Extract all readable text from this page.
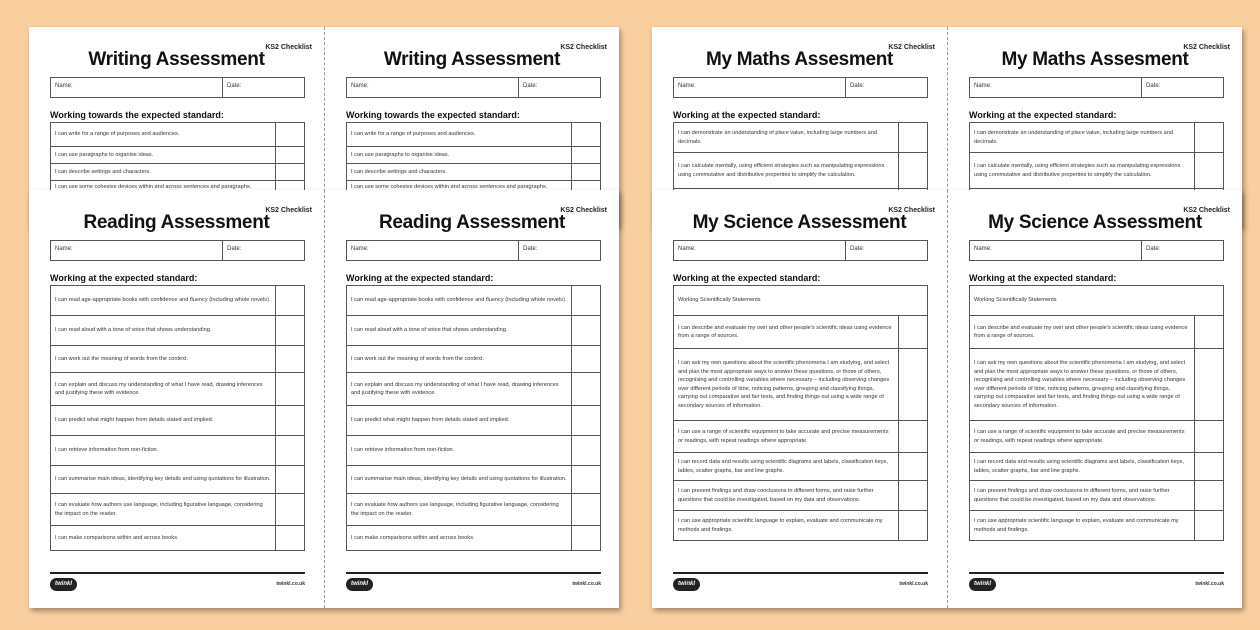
KS2 Checklist
Writing Assessment
Name:	Date:
Working towards the expected standard:
I can write for a range of purposes and audiences.
I can use paragraphs to organise ideas.
I can describe settings and characters.
I can use some cohesive devices within and across sentences and paragraphs.
KS2 Checklist
Writing Assessment
Name:	Date:
Working towards the expected standard:
I can write for a range of purposes and audiences.
I can use paragraphs to organise ideas.
I can describe settings and characters.
I can use some cohesive devices within and across sentences and paragraphs.
KS2 Checklist
My Maths Assesment
Name:	Date:
Working at the expected standard:
I can demonstrate an understanding of place value, including large numbers and decimals.
I can calculate mentally, using efficient strategies such as manipulating expressions using commutative and distributive properties to simplify the calculation.
KS2 Checklist
My Maths Assesment
Name:	Date:
Working at the expected standard:
I can demonstrate an understanding of place value, including large numbers and decimals.
I can calculate mentally, using efficient strategies such as manipulating expressions using commutative and distributive properties to simplify the calculation.
KS2 Checklist
Reading Assessment
Name:	Date:
Working at the expected standard:
I can read age-appropriate books with confidence and fluency (including whole novels).
I can read aloud with a tone of voice that shows understanding.
I can work out the meaning of words from the context.
I can explain and discuss my understanding of what I have read, drawing inferences and justifying these with evidence.
I can predict what might happen from details stated and implied.
I can retrieve information from non-fiction.
I can summarise main ideas, identifying key details and using quotations for illustration.
I can evaluate how authors use language, including figurative language, considering the impact on the reader.
I can make comparisons within and across books.
twinkl	twinkl.co.uk
KS2 Checklist
Reading Assessment
Name:	Date:
Working at the expected standard:
I can read age-appropriate books with confidence and fluency (including whole novels).
I can read aloud with a tone of voice that shows understanding.
I can work out the meaning of words from the context.
I can explain and discuss my understanding of what I have read, drawing inferences and justifying these with evidence.
I can predict what might happen from details stated and implied.
I can retrieve information from non-fiction.
I can summarise main ideas, identifying key details and using quotations for illustration.
I can evaluate how authors use language, including figurative language, considering the impact on the reader.
I can make comparisons within and across books.
twinkl	twinkl.co.uk
KS2 Checklist
My Science Assessment
Name:	Date:
Working at the expected standard:
Working Scientifically Statements
I can describe and evaluate my own and other people's scientific ideas using evidence from a range of sources.
I can ask my own questions about the scientific phenomena I am studying, and select and plan the most appropriate ways to answer these questions, or those of others, recognising and controlling variables where necessary – including observing changes over different periods of time, noticing patterns, grouping and classifying things, carrying out comparative and fair tests, and finding things out using a wide range of secondary sources of information.
I can use a range of scientific equipment to take accurate and precise measurements or readings, with repeat readings where appropriate.
I can record data and results using scientific diagrams and labels, classification keys, tables, scatter graphs, bar and line graphs.
I can present findings and draw conclusions in different forms, and raise further questions that could be investigated, based on my data and observations.
I can use appropriate scientific language to explain, evaluate and communicate my methods and findings.
twinkl	twinkl.co.uk
KS2 Checklist
My Science Assessment
Name:	Date:
Working at the expected standard:
Working Scientifically Statements
I can describe and evaluate my own and other people's scientific ideas using evidence from a range of sources.
I can ask my own questions about the scientific phenomena I am studying, and select and plan the most appropriate ways to answer these questions, or those of others, recognising and controlling variables where necessary – including observing changes over different periods of time, noticing patterns, grouping and classifying things, carrying out comparative and fair tests, and finding things out using a wide range of secondary sources of information.
I can use a range of scientific equipment to take accurate and precise measurements or readings, with repeat readings where appropriate.
I can record data and results using scientific diagrams and labels, classification keys, tables, scatter graphs, bar and line graphs.
I can present findings and draw conclusions in different forms, and raise further questions that could be investigated, based on my data and observations.
I can use appropriate scientific language to explain, evaluate and communicate my methods and findings.
twinkl	twinkl.co.uk
